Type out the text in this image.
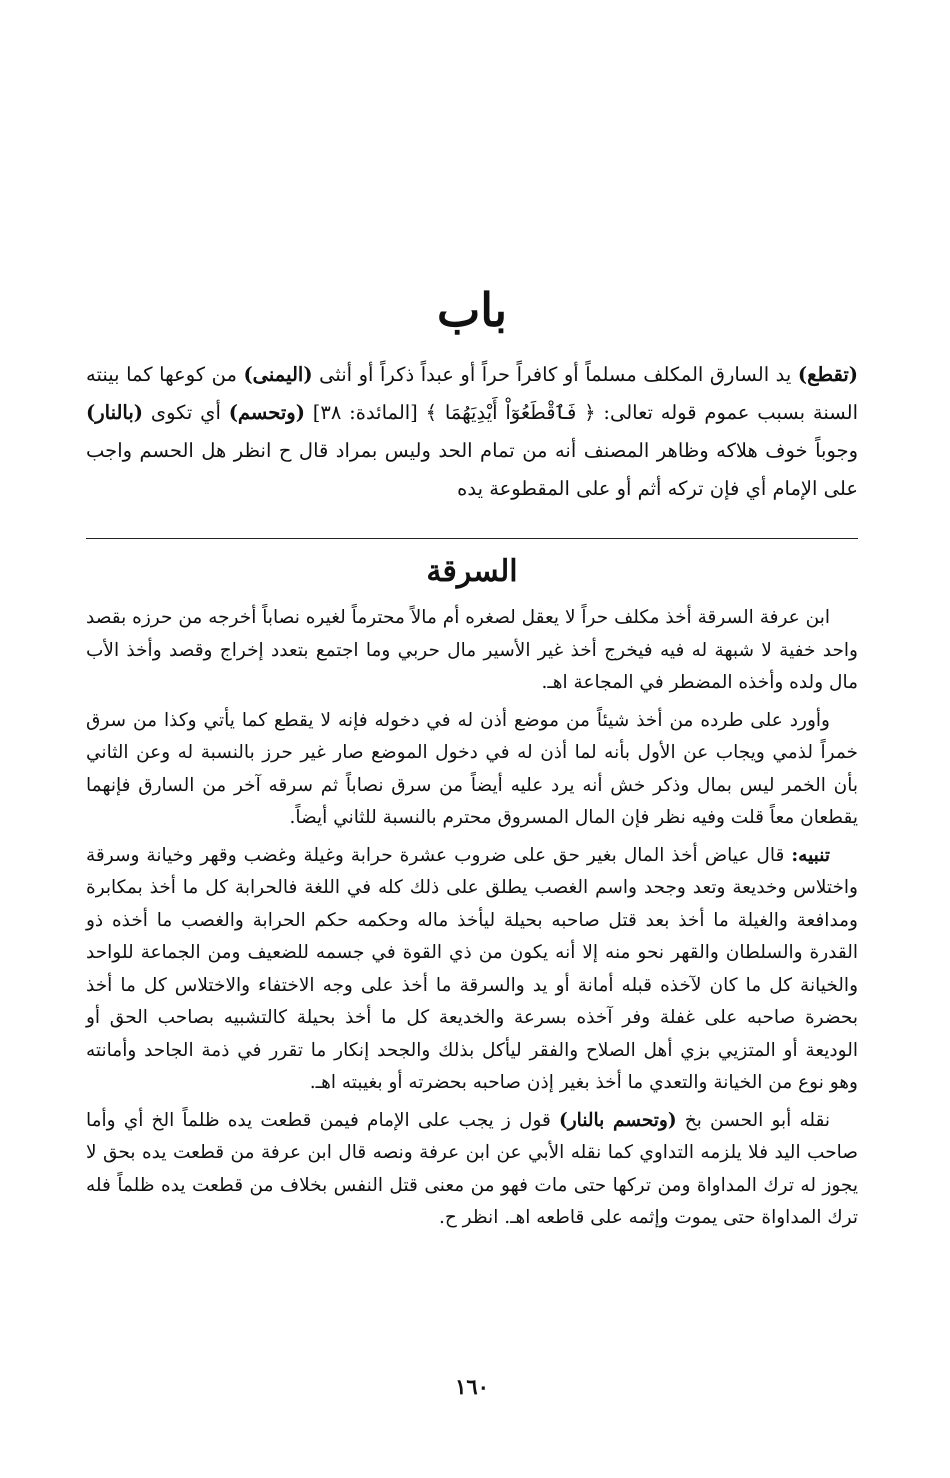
باب

(تقطع) يد السارق المكلف مسلماً أو كافراً حراً أو عبداً ذكراً أو أنثى (اليمنى) من كوعها كما بينته السنة بسبب عموم قوله تعالى: ﴿ فَٱقْطَعُوٓاْ أَيْدِيَهُمَا ﴾ [المائدة: ٣٨] (وتحسم) أي تكوى (بالنار) وجوباً خوف هلاكه وظاهر المصنف أنه من تمام الحد وليس بمراد قال ح انظر هل الحسم واجب على الإمام أي فإن تركه أثم أو على المقطوعة يده

السرقة

ابن عرفة السرقة أخذ مكلف حراً لا يعقل لصغره أم مالاً محترماً لغيره نصاباً أخرجه من حرزه بقصد واحد خفية لا شبهة له فيه فيخرج أخذ غير الأسير مال حربي وما اجتمع بتعدد إخراج وقصد وأخذ الأب مال ولده وأخذه المضطر في المجاعة اهـ.

وأورد على طرده من أخذ شيئاً من موضع أذن له في دخوله فإنه لا يقطع كما يأتي وكذا من سرق خمراً لذمي ويجاب عن الأول بأنه لما أذن له في دخول الموضع صار غير حرز بالنسبة له وعن الثاني بأن الخمر ليس بمال وذكر خش أنه يرد عليه أيضاً من سرق نصاباً ثم سرقه آخر من السارق فإنهما يقطعان معاً قلت وفيه نظر فإن المال المسروق محترم بالنسبة للثاني أيضاً.

تنبيه: قال عياض أخذ المال بغير حق على ضروب عشرة حرابة وغيلة وغضب وقهر وخيانة وسرقة واختلاس وخديعة وتعد وجحد واسم الغصب يطلق على ذلك كله في اللغة فالحرابة كل ما أخذ بمكابرة ومدافعة والغيلة ما أخذ بعد قتل صاحبه بحيلة ليأخذ ماله وحكمه حكم الحرابة والغصب ما أخذه ذو القدرة والسلطان والقهر نحو منه إلا أنه يكون من ذي القوة في جسمه للضعيف ومن الجماعة للواحد والخيانة كل ما كان لآخذه قبله أمانة أو يد والسرقة ما أخذ على وجه الاختفاء والاختلاس كل ما أخذ بحضرة صاحبه على غفلة وفر آخذه بسرعة والخديعة كل ما أخذ بحيلة كالتشبيه بصاحب الحق أو الوديعة أو المتزيي بزي أهل الصلاح والفقر ليأكل بذلك والجحد إنكار ما تقرر في ذمة الجاحد وأمانته وهو نوع من الخيانة والتعدي ما أخذ بغير إذن صاحبه بحضرته أو بغيبته اهـ.

نقله أبو الحسن بخ (وتحسم بالنار) قول ز يجب على الإمام فيمن قطعت يده ظلماً الخ أي وأما صاحب اليد فلا يلزمه التداوي كما نقله الأبي عن ابن عرفة ونصه قال ابن عرفة من قطعت يده بحق لا يجوز له ترك المداواة ومن تركها حتى مات فهو من معنى قتل النفس بخلاف من قطعت يده ظلماً فله ترك المداواة حتى يموت وإثمه على قاطعه اهـ. انظر ح.

١٦٠
